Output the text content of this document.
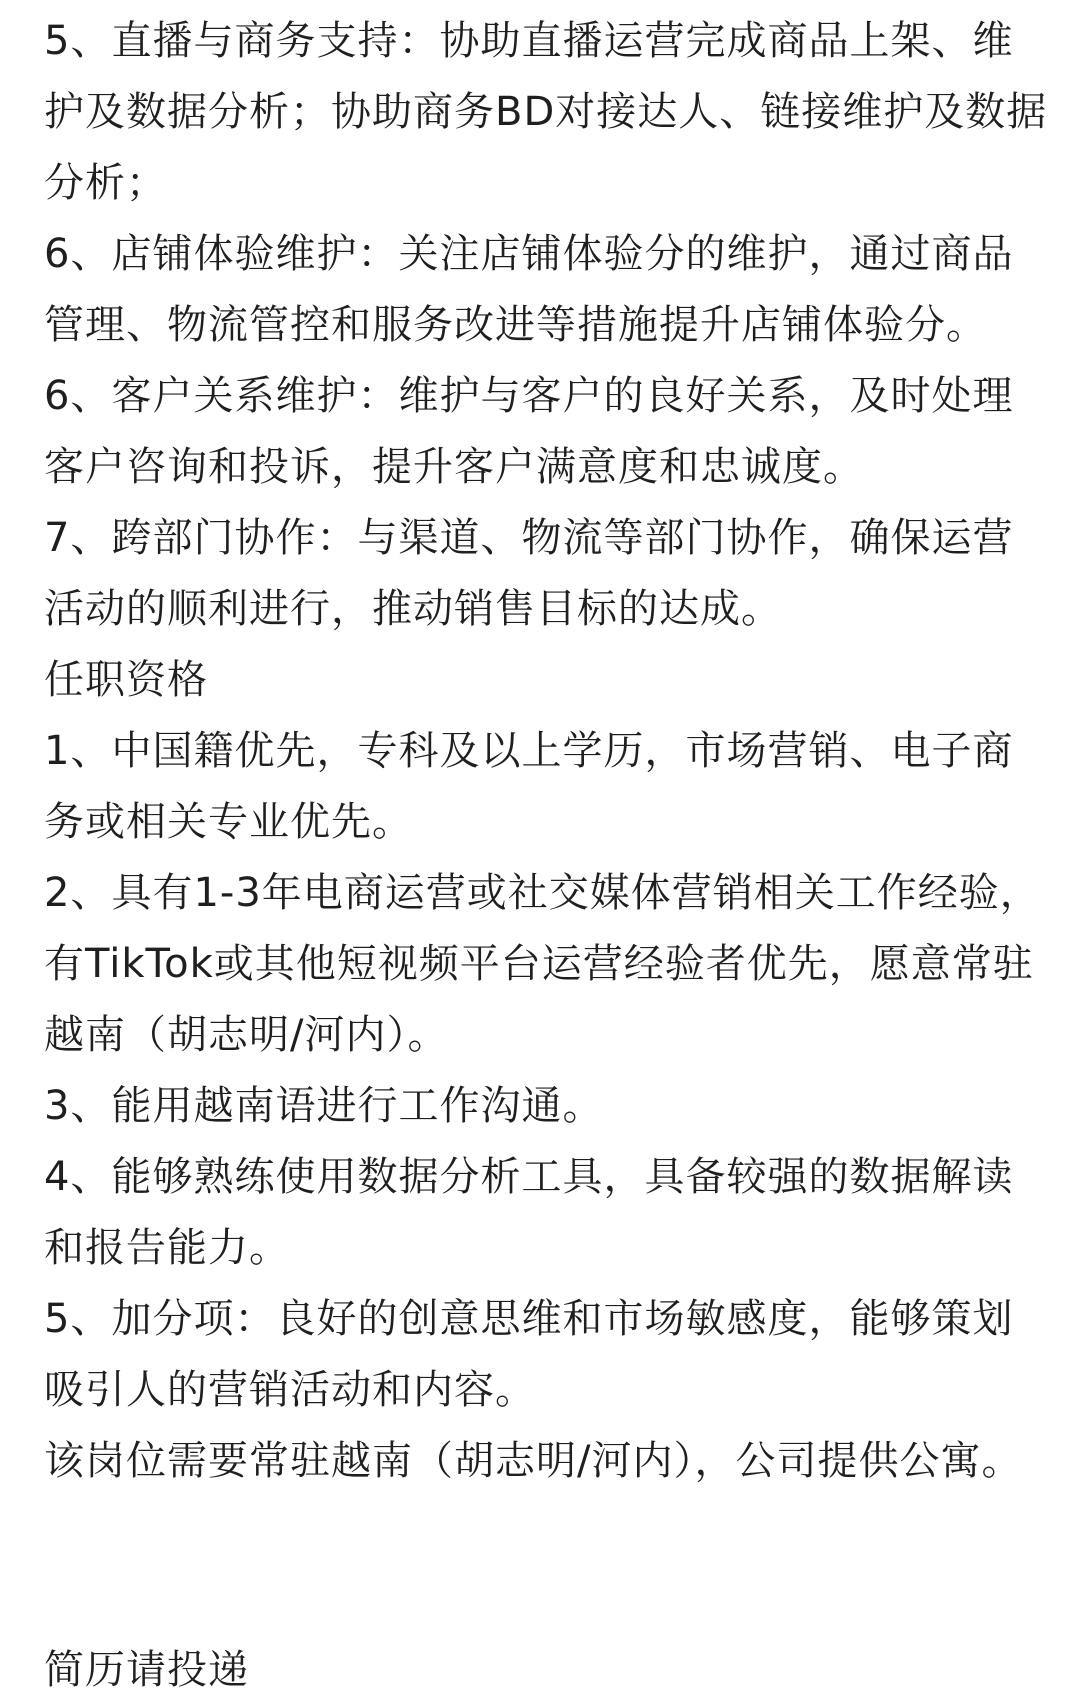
5、直播与商务支持：协助直播运营完成商品上架、维护及数据分析；协助商务BD对接达人、链接维护及数据分析；

6、店铺体验维护：关注店铺体验分的维护，通过商品管理、物流管控和服务改进等措施提升店铺体验分。

6、客户关系维护：维护与客户的良好关系，及时处理客户咨询和投诉，提升客户满意度和忠诚度。

7、跨部门协作：与渠道、物流等部门协作，确保运营活动的顺利进行，推动销售目标的达成。

任职资格

1、中国籍优先，专科及以上学历，市场营销、电子商务或相关专业优先。

2、具有1-3年电商运营或社交媒体营销相关工作经验，有TikTok或其他短视频平台运营经验者优先，愿意常驻越南（胡志明/河内）。

3、能用越南语进行工作沟通。

4、能够熟练使用数据分析工具，具备较强的数据解读和报告能力。

5、加分项：良好的创意思维和市场敏感度，能够策划吸引人的营销活动和内容。

该岗位需要常驻越南（胡志明/河内），公司提供公寓。

简历请投递
